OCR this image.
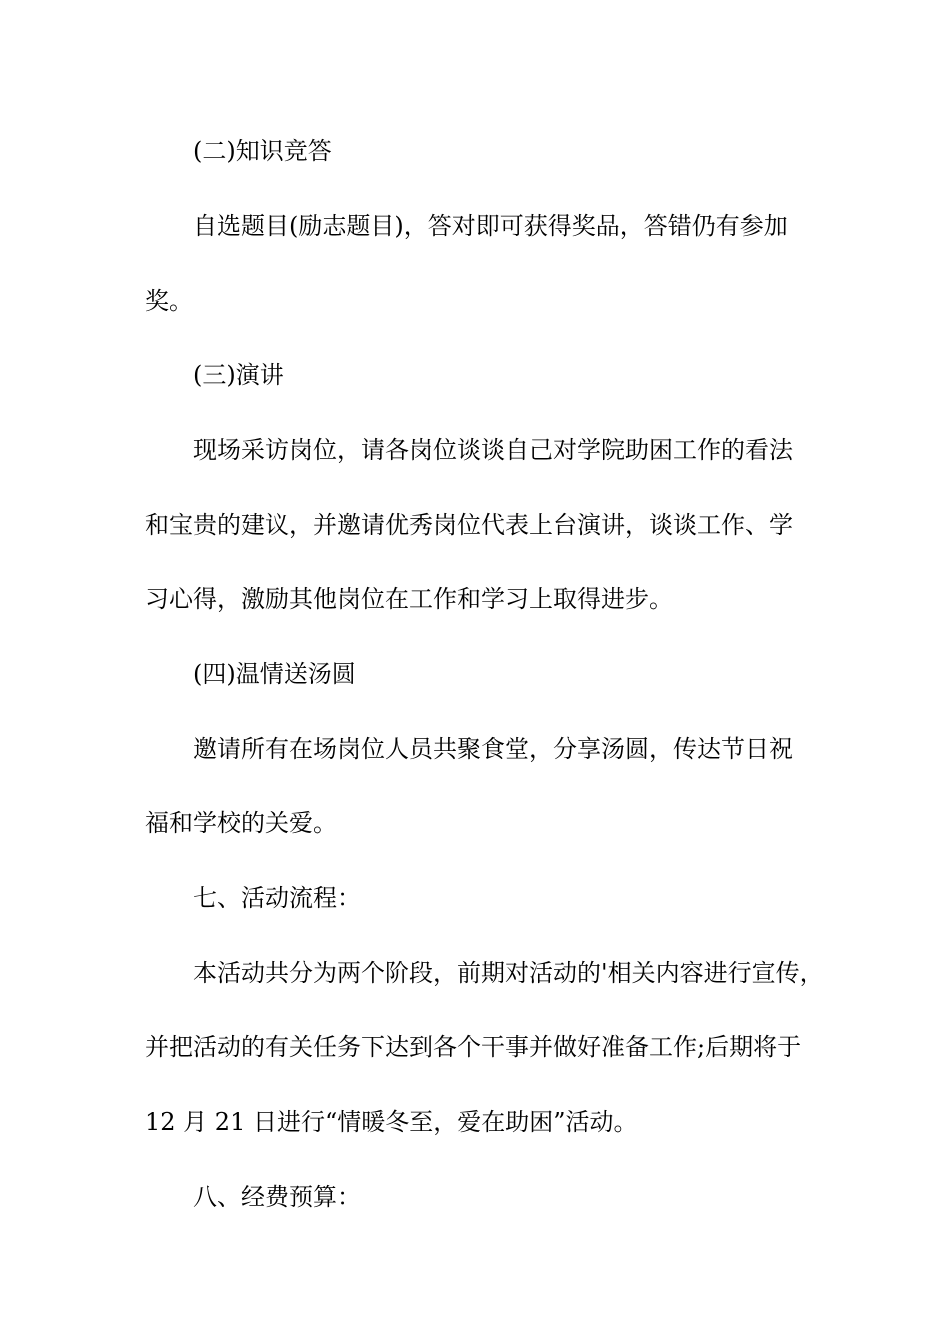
(二)知识竞答
自选题目(励志题目)，答对即可获得奖品，答错仍有参加
奖。
(三)演讲
现场采访岗位，请各岗位谈谈自己对学院助困工作的看法
和宝贵的建议，并邀请优秀岗位代表上台演讲，谈谈工作、学
习心得，激励其他岗位在工作和学习上取得进步。
(四)温情送汤圆
邀请所有在场岗位人员共聚食堂，分享汤圆，传达节日祝
福和学校的关爱。
七、活动流程：
本活动共分为两个阶段，前期对活动的'相关内容进行宣传，
并把活动的有关任务下达到各个干事并做好准备工作;后期将于
12 月 21 日进行“情暖冬至，爱在助困”活动。
八、经费预算：
